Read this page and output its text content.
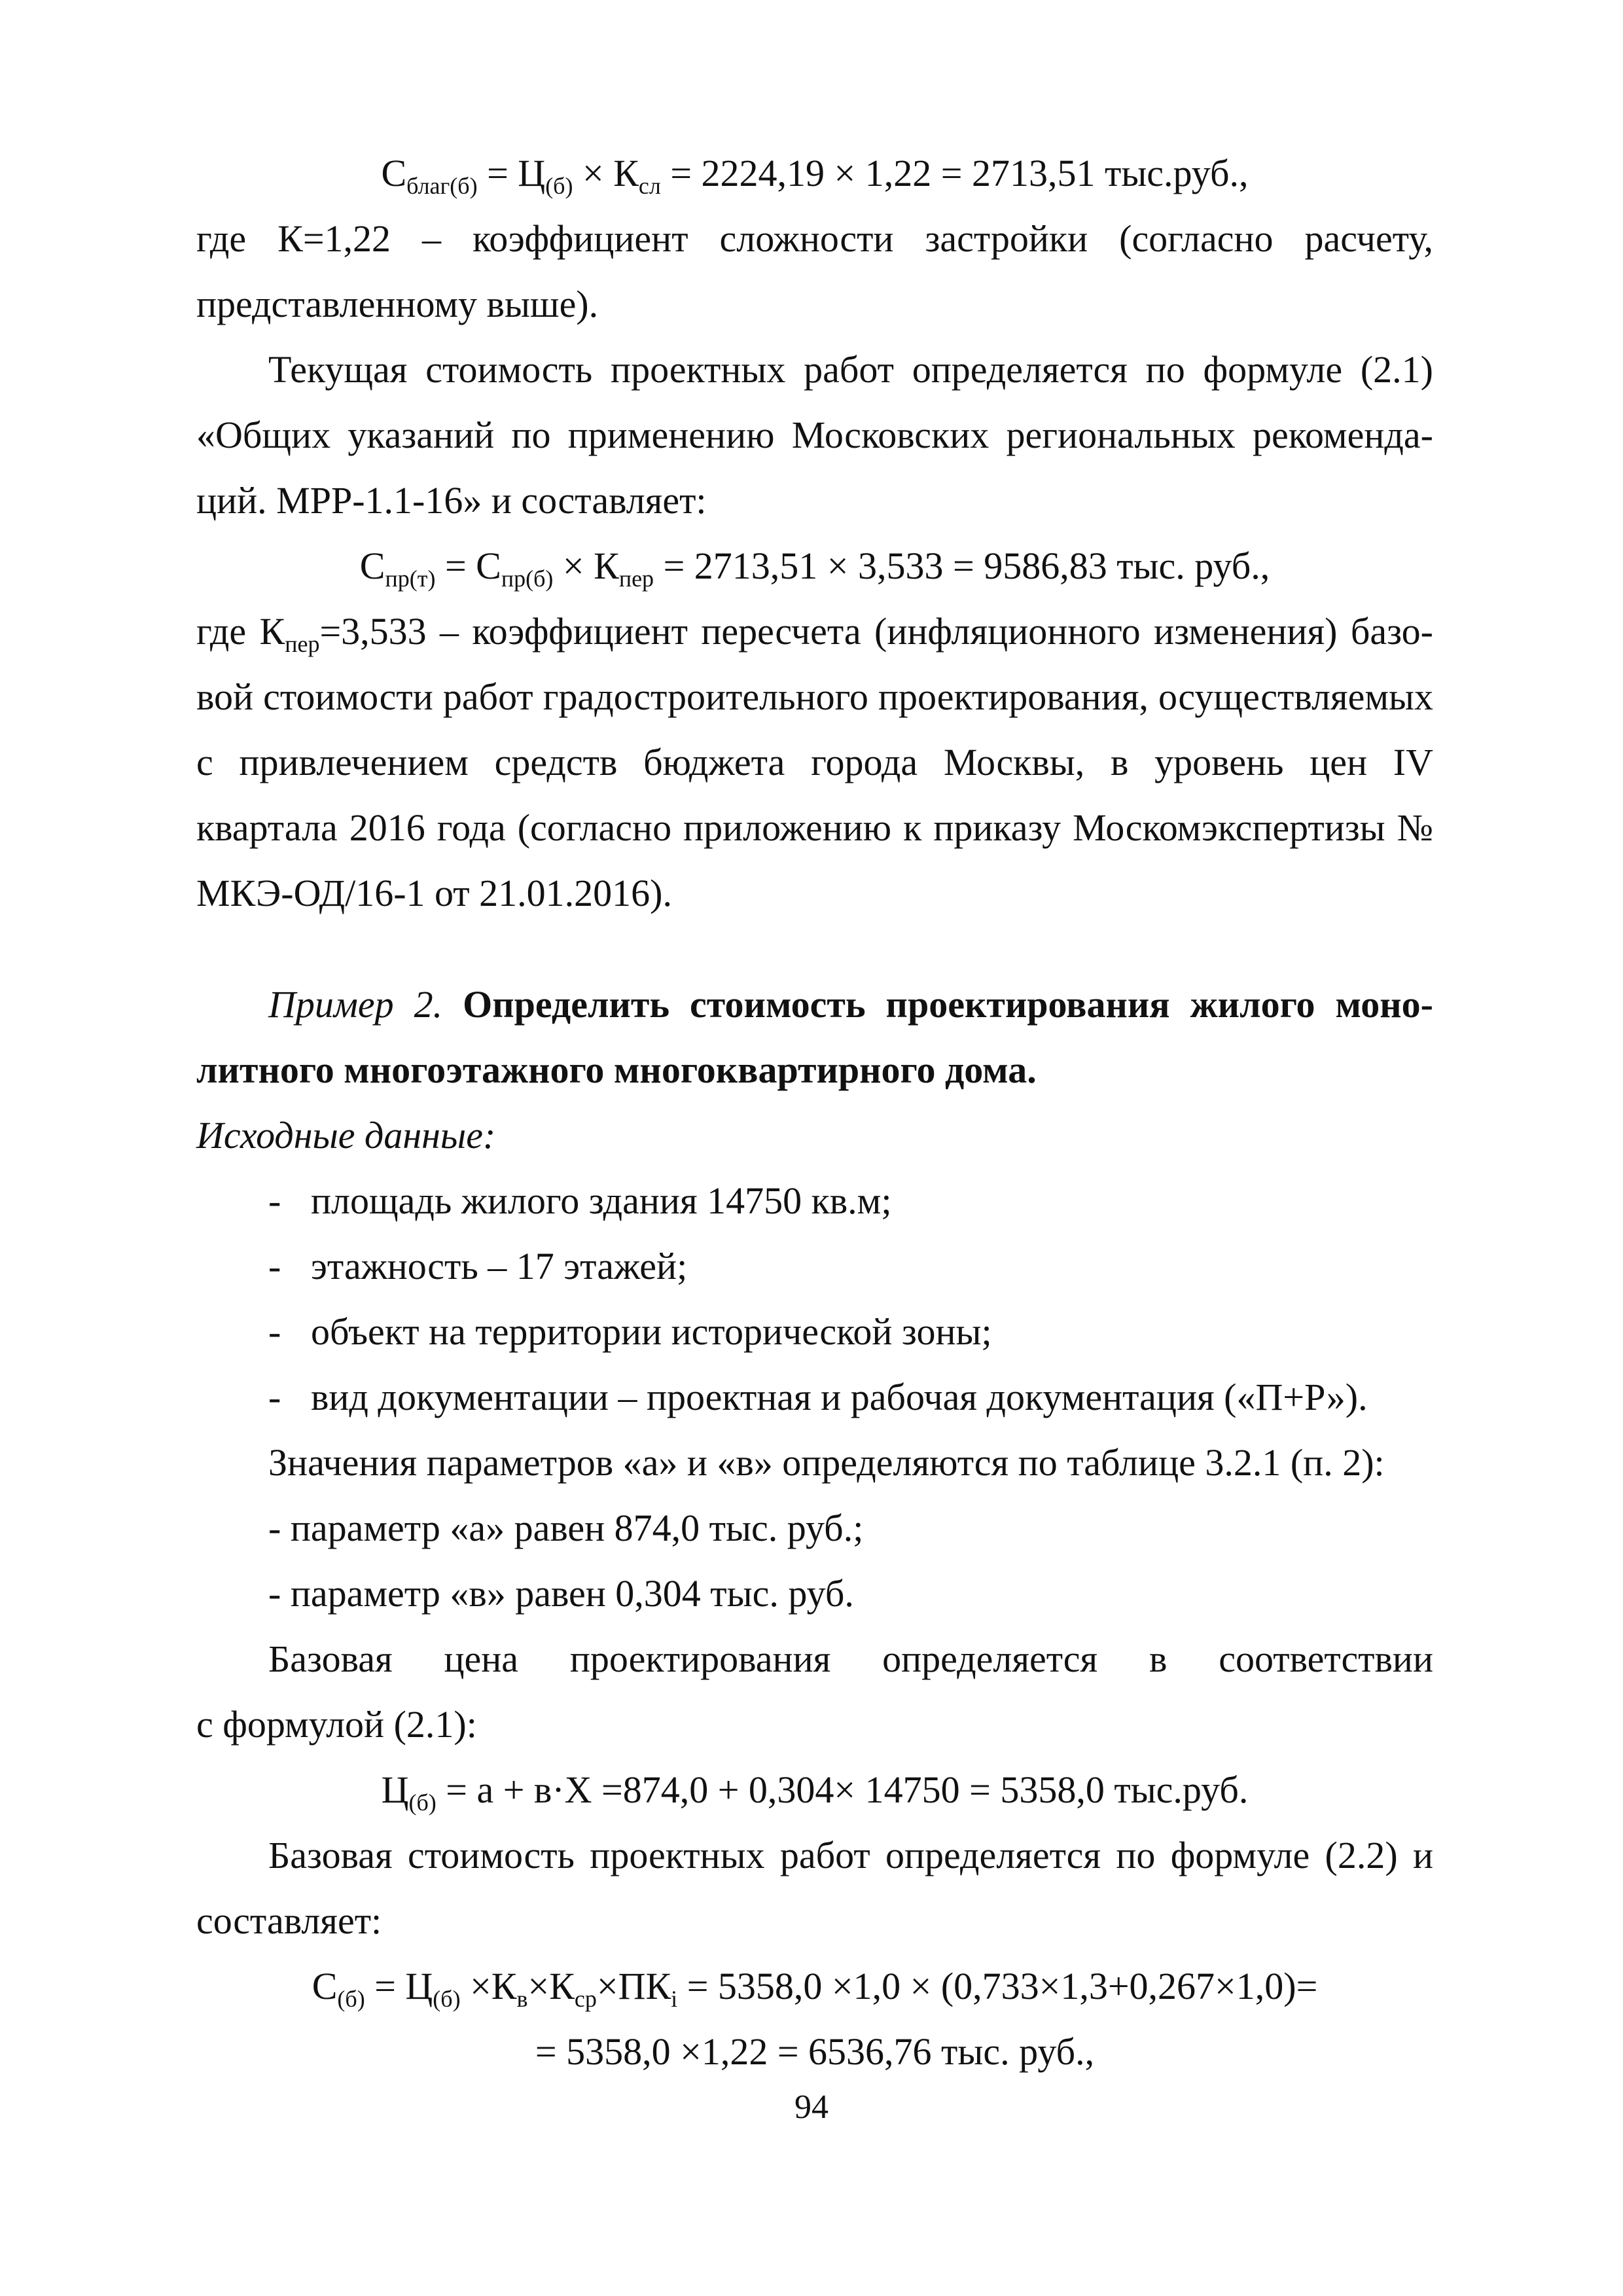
$С_{благ(б)} = Ц_{(б)} \times К_{сл} = 2224,19 \times 1,22 = 2713,51$ тыс.руб.,

где К=1,22 – коэффициент сложности застройки (согласно расчету, представленному выше).

Текущая стоимость проектных работ определяется по формуле (2.1) «Общих указаний по применению Московских региональных рекомендаций. МРР-1.1-16» и составляет:

$С_{пр(т)} = С_{пр(б)} \times К_{пер} = 2713,51 \times 3,533 = 9586,83$ тыс. руб.,

где $К_{пер}=3,533$ – коэффициент пересчета (инфляционного изменения) базовой стоимости работ градостроительного проектирования, осуществляемых с привлечением средств бюджета города Москвы, в уровень цен IV квартала 2016 года (согласно приложению к приказу Москомэкспертизы № МКЭ-ОД/16-1 от 21.01.2016).

Пример 2. Определить стоимость проектирования жилого монолитного многоэтажного многоквартирного дома.

Исходные данные:

- площадь жилого здания 14750 кв.м;
- этажность – 17 этажей;
- объект на территории исторической зоны;
- вид документации – проектная и рабочая документация («П+Р»).

Значения параметров «а» и «в» определяются по таблице 3.2.1 (п. 2):

- параметр «а» равен 874,0 тыс. руб.;

- параметр «в» равен 0,304 тыс. руб.

Базовая цена проектирования определяется в соответствии

с формулой (2.1):

$Ц_{(б)} = а + в\cdot Х =874,0 + 0,304\times 14750 = 5358,0$ тыс.руб.

Базовая стоимость проектных работ определяется по формуле (2.2) и составляет:

$С_{(б)} = Ц_{(б)} \times К_в\times К_{ср}\times ПК_i = 5358,0 \times 1,0 \times (0,733\times 1,3+0,267\times 1,0)=$

= 5358,0 ×1,22 = 6536,76 тыс. руб.,

94
